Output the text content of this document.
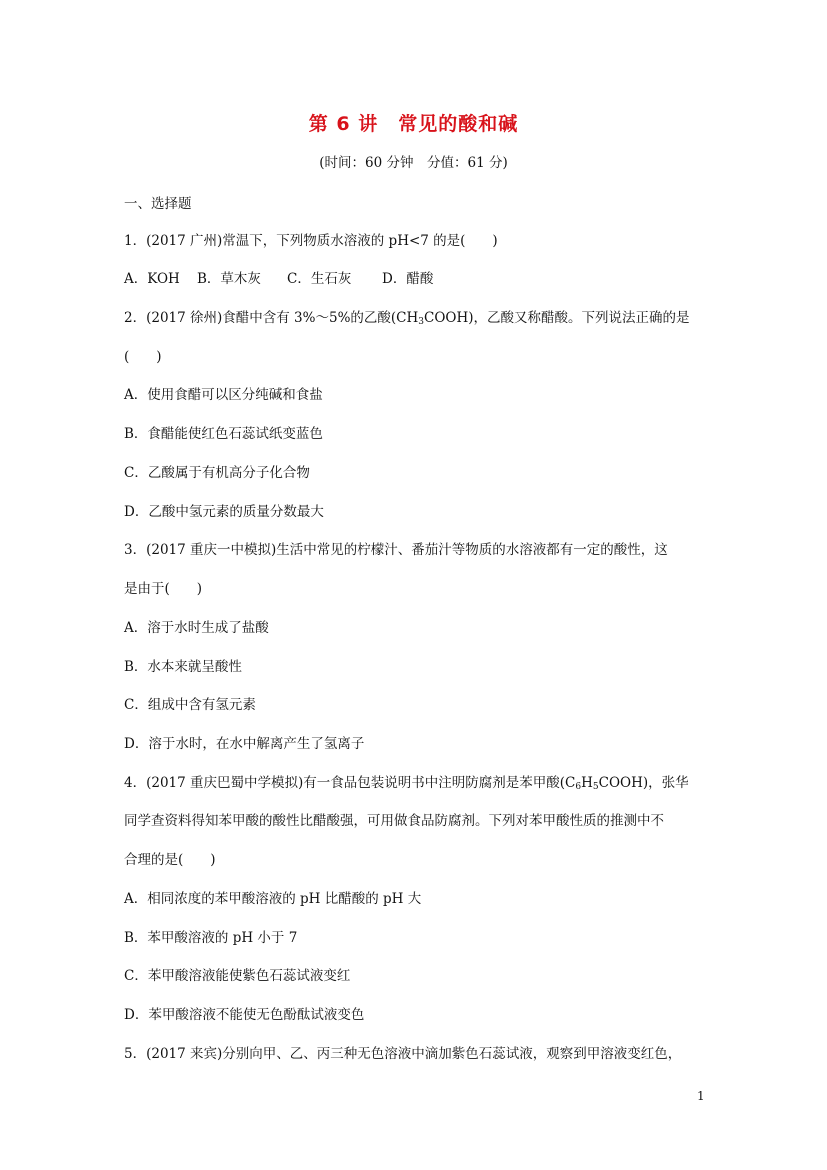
第 6 讲　常见的酸和碱
(时间：60 分钟　分值：61 分)
一、选择题
1．(2017 广州)常温下，下列物质水溶液的 pH<7 的是(　　)
A．KOH B．草木灰 C．生石灰 D．醋酸
2．(2017 徐州)食醋中含有 3%～5%的乙酸$(CH_3COOH)$，乙酸又称醋酸。下列说法正确的是
(　　)
A．使用食醋可以区分纯碱和食盐
B．食醋能使红色石蕊试纸变蓝色
C．乙酸属于有机高分子化合物
D．乙酸中氢元素的质量分数最大
3．(2017 重庆一中模拟)生活中常见的柠檬汁、番茄汁等物质的水溶液都有一定的酸性，这
是由于(　　)
A．溶于水时生成了盐酸
B．水本来就呈酸性
C．组成中含有氢元素
D．溶于水时，在水中解离产生了氢离子
4．(2017 重庆巴蜀中学模拟)有一食品包装说明书中注明防腐剂是苯甲酸$(C_6H_5COOH)$，张华
同学查资料得知苯甲酸的酸性比醋酸强，可用做食品防腐剂。下列对苯甲酸性质的推测中不
合理的是(　　)
A．相同浓度的苯甲酸溶液的 pH 比醋酸的 pH 大
B．苯甲酸溶液的 pH 小于 7
C．苯甲酸溶液能使紫色石蕊试液变红
D．苯甲酸溶液不能使无色酚酞试液变色
5．(2017 来宾)分别向甲、乙、丙三种无色溶液中滴加紫色石蕊试液，观察到甲溶液变红色，
1
